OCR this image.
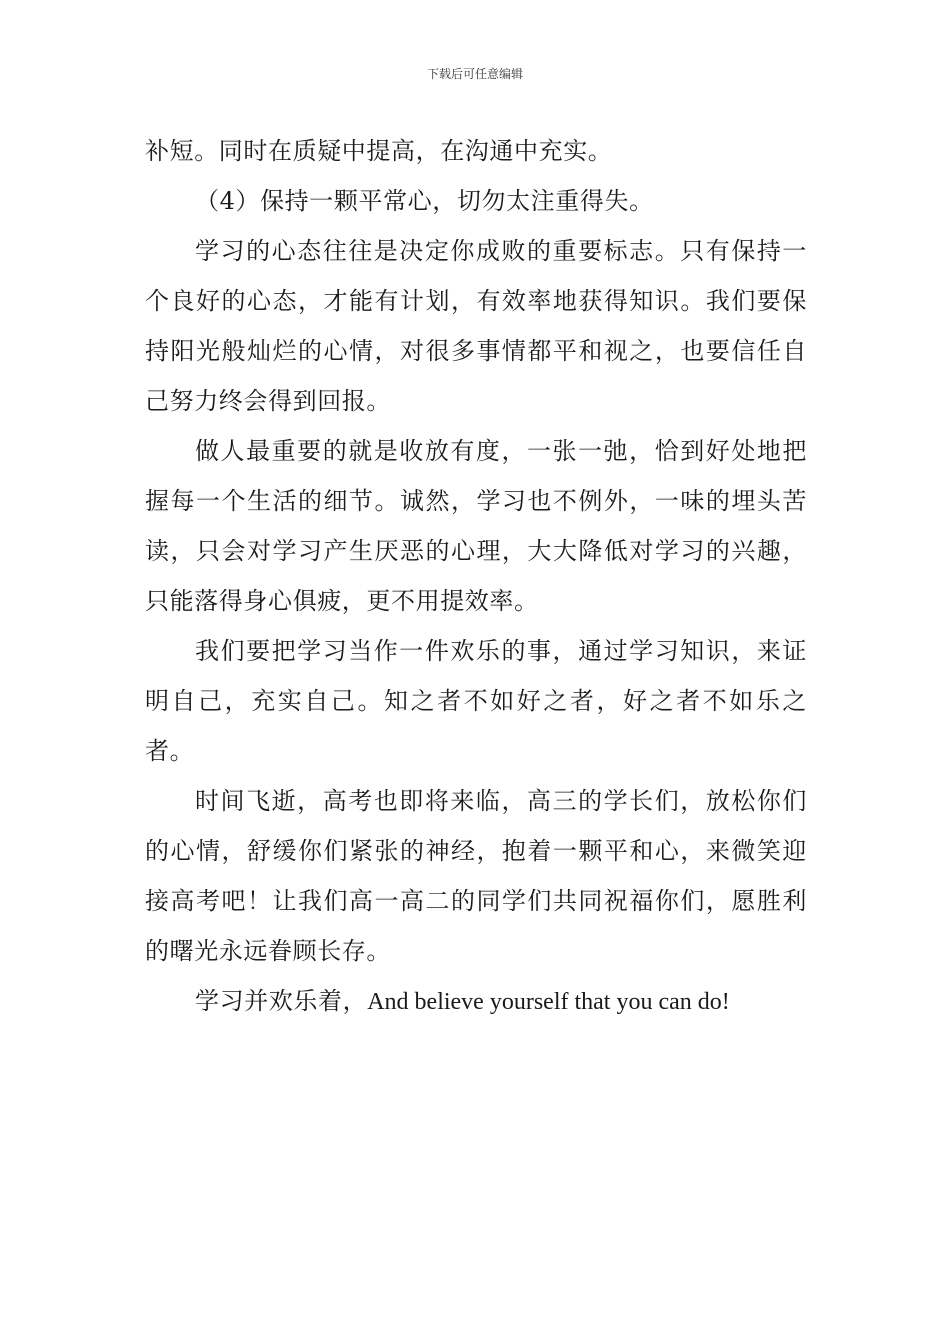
下载后可任意编辑

补短。同时在质疑中提高，在沟通中充实。

（4）保持一颗平常心，切勿太注重得失。

学习的心态往往是决定你成败的重要标志。只有保持一个良好的心态，才能有计划，有效率地获得知识。我们要保持阳光般灿烂的心情，对很多事情都平和视之，也要信任自己努力终会得到回报。

做人最重要的就是收放有度，一张一弛，恰到好处地把握每一个生活的细节。诚然，学习也不例外，一味的埋头苦读，只会对学习产生厌恶的心理，大大降低对学习的兴趣，只能落得身心俱疲，更不用提效率。

我们要把学习当作一件欢乐的事，通过学习知识，来证明自己，充实自己。知之者不如好之者，好之者不如乐之者。

时间飞逝，高考也即将来临，高三的学长们，放松你们的心情，舒缓你们紧张的神经，抱着一颗平和心，来微笑迎接高考吧！让我们高一高二的同学们共同祝福你们，愿胜利的曙光永远眷顾长存。

学习并欢乐着，And believe yourself that you can do!
